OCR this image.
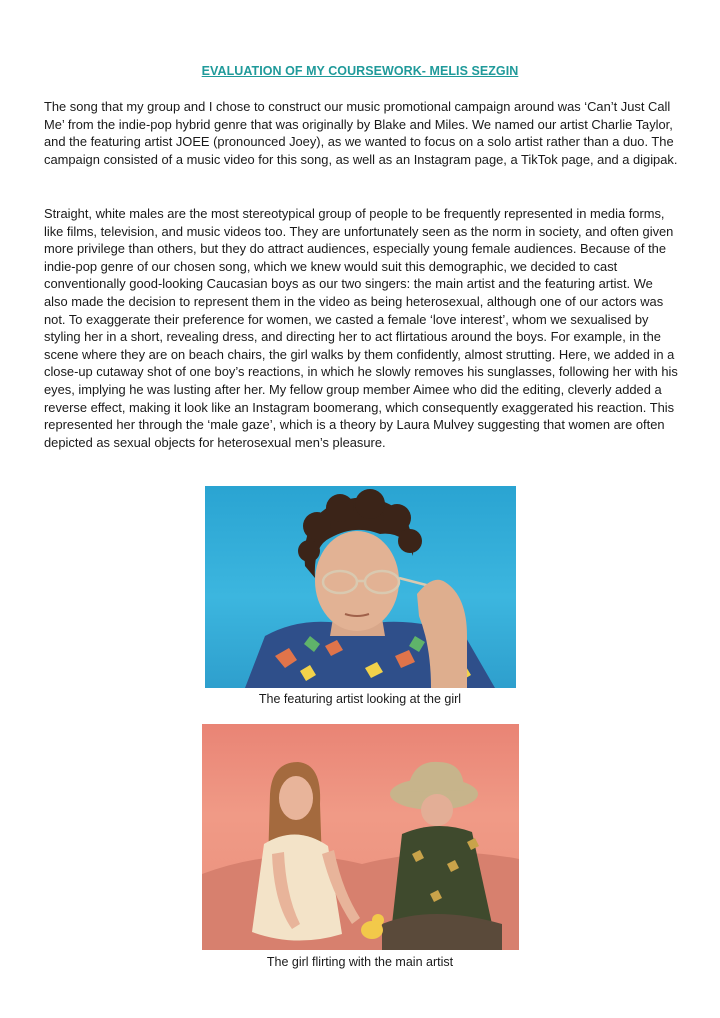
EVALUATION OF MY COURSEWORK- MELIS SEZGIN

The song that my group and I chose to construct our music promotional campaign around was ‘Can’t Just Call Me’ from the indie-pop hybrid genre that was originally by Blake and Miles. We named our artist Charlie Taylor, and the featuring artist JOEE (pronounced Joey), as we wanted to focus on a solo artist rather than a duo. The campaign consisted of a music video for this song, as well as an Instagram page, a TikTok page, and a digipak.

Straight, white males are the most stereotypical group of people to be frequently represented in media forms, like films, television, and music videos too. They are unfortunately seen as the norm in society, and often given more privilege than others, but they do attract audiences, especially young female audiences. Because of the indie-pop genre of our chosen song, which we knew would suit this demographic, we decided to cast conventionally good-looking Caucasian boys as our two singers: the main artist and the featuring artist. We also made the decision to represent them in the video as being heterosexual, although one of our actors was not. To exaggerate their preference for women, we casted a female ‘love interest’, whom we sexualised by styling her in a short, revealing dress, and directing her to act flirtatious around the boys. For example, in the scene where they are on beach chairs, the girl walks by them confidently, almost strutting. Here, we added in a close-up cutaway shot of one boy’s reactions, in which he slowly removes his sunglasses, following her with his eyes, implying he was lusting after her. My fellow group member Aimee who did the editing, cleverly added a reverse effect, making it look like an Instagram boomerang, which consequently exaggerated his reaction. This represented her through the ‘male gaze’, which is a theory by Laura Mulvey suggesting that women are often depicted as sexual objects for heterosexual men’s pleasure.

The featuring artist looking at the girl
The girl flirting with the main artist
